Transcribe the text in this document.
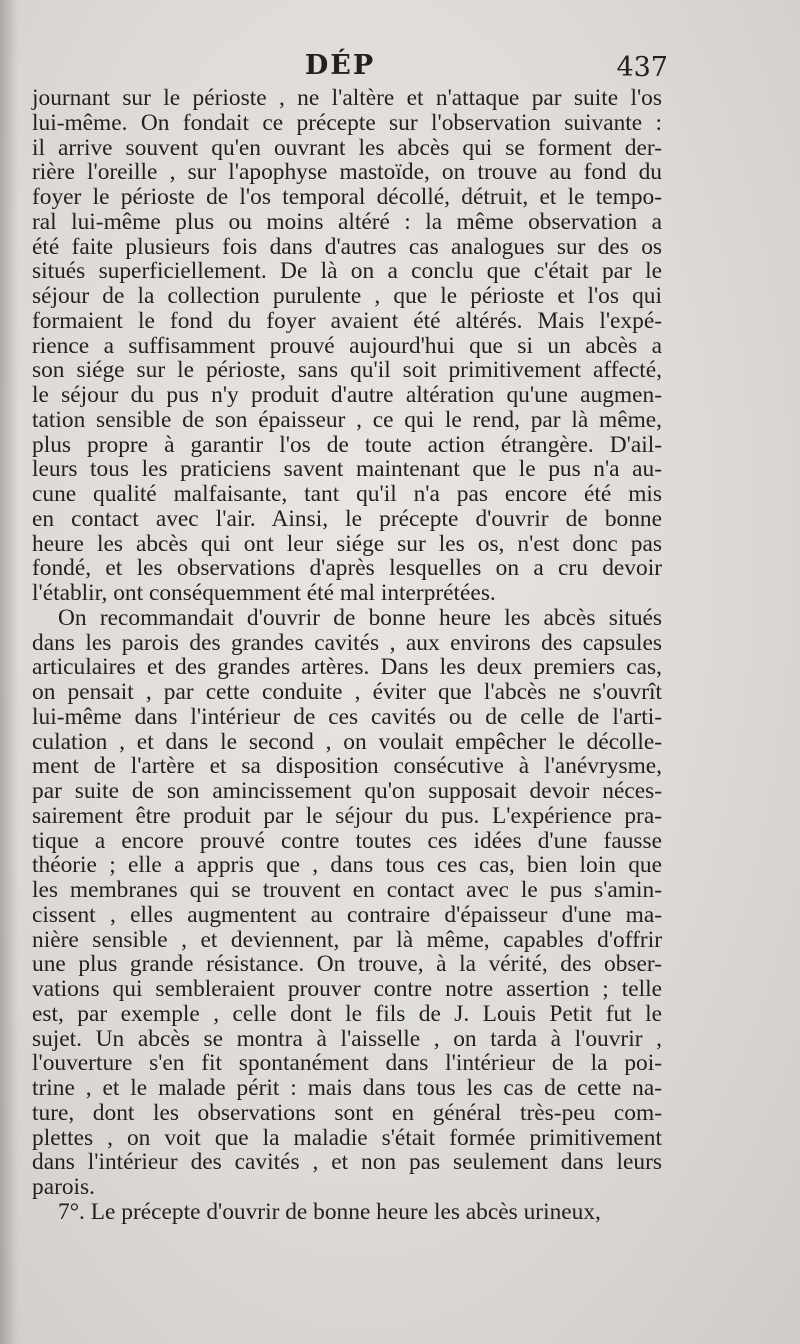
DÉP	437

journant sur le périoste , ne l'altère et n'attaque par suite l'os
lui-même. On fondait ce précepte sur l'observation suivante :
il arrive souvent qu'en ouvrant les abcès qui se forment der-
rière l'oreille , sur l'apophyse mastoïde, on trouve au fond du
foyer le périoste de l'os temporal décollé, détruit, et le tempo-
ral lui-même plus ou moins altéré : la même observation a
été faite plusieurs fois dans d'autres cas analogues sur des os
situés superficiellement. De là on a conclu que c'était par le
séjour de la collection purulente , que le périoste et l'os qui
formaient le fond du foyer avaient été altérés. Mais l'expé-
rience a suffisamment prouvé aujourd'hui que si un abcès a
son siége sur le périoste, sans qu'il soit primitivement affecté,
le séjour du pus n'y produit d'autre altération qu'une augmen-
tation sensible de son épaisseur , ce qui le rend, par là même,
plus propre à garantir l'os de toute action étrangère. D'ail-
leurs tous les praticiens savent maintenant que le pus n'a au-
cune qualité malfaisante, tant qu'il n'a pas encore été mis
en contact avec l'air. Ainsi, le précepte d'ouvrir de bonne
heure les abcès qui ont leur siége sur les os, n'est donc pas
fondé, et les observations d'après lesquelles on a cru devoir
l'établir, ont conséquemment été mal interprétées.

On recommandait d'ouvrir de bonne heure les abcès situés
dans les parois des grandes cavités , aux environs des capsules
articulaires et des grandes artères. Dans les deux premiers cas,
on pensait , par cette conduite , éviter que l'abcès ne s'ouvrît
lui-même dans l'intérieur de ces cavités ou de celle de l'arti-
culation , et dans le second , on voulait empêcher le décolle-
ment de l'artère et sa disposition consécutive à l'anévrysme,
par suite de son amincissement qu'on supposait devoir néces-
sairement être produit par le séjour du pus. L'expérience pra-
tique a encore prouvé contre toutes ces idées d'une fausse
théorie ; elle a appris que , dans tous ces cas, bien loin que
les membranes qui se trouvent en contact avec le pus s'amin-
cissent , elles augmentent au contraire d'épaisseur d'une ma-
nière sensible , et deviennent, par là même, capables d'offrir
une plus grande résistance. On trouve, à la vérité, des obser-
vations qui sembleraient prouver contre notre assertion ; telle
est, par exemple , celle dont le fils de J. Louis Petit fut le
sujet. Un abcès se montra à l'aisselle , on tarda à l'ouvrir ,
l'ouverture s'en fit spontanément dans l'intérieur de la poi-
trine , et le malade périt : mais dans tous les cas de cette na-
ture, dont les observations sont en général très-peu com-
plettes , on voit que la maladie s'était formée primitivement
dans l'intérieur des cavités , et non pas seulement dans leurs
parois.

7°. Le précepte d'ouvrir de bonne heure les abcès urineux,
